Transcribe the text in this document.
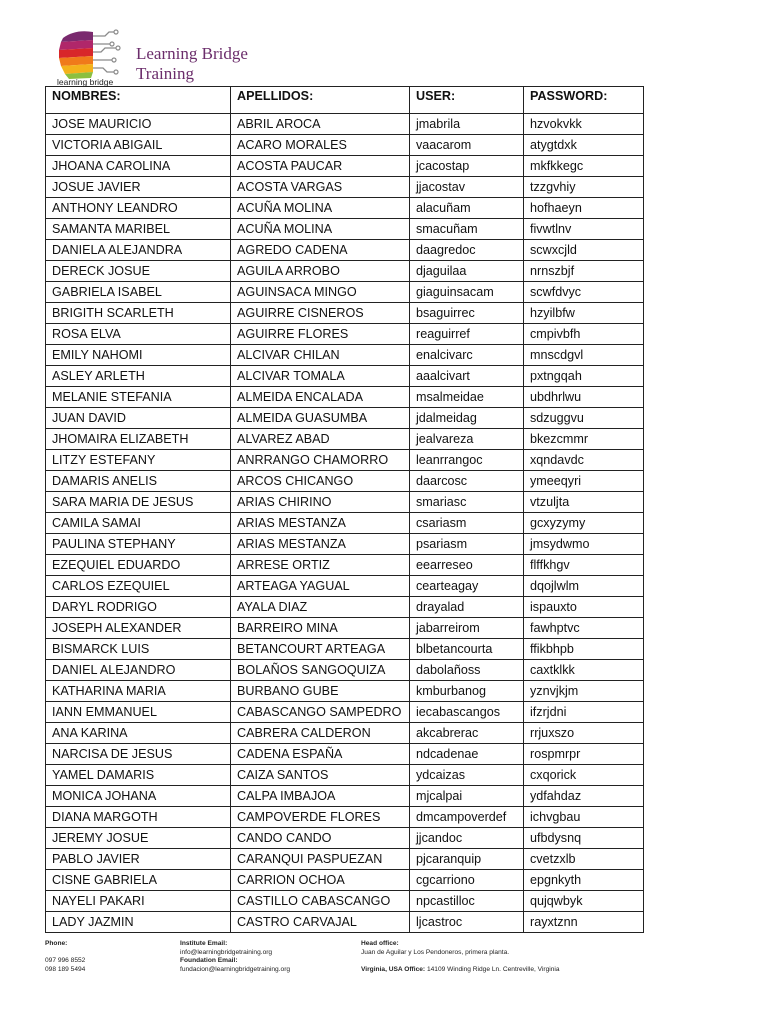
learning bridge
Learning Bridge
Training
NOMBRES:	APELLIDOS:	USER:	PASSWORD:
JOSE MAURICIO	ABRIL AROCA	jmabrila	hzvokvkk
VICTORIA ABIGAIL	ACARO MORALES	vaacarom	atygtdxk
JHOANA CAROLINA	ACOSTA PAUCAR	jcacostap	mkfkkegc
JOSUE JAVIER	ACOSTA VARGAS	jjacostav	tzzgvhiy
ANTHONY LEANDRO	ACUÑA MOLINA	alacuñam	hofhaeyn
SAMANTA MARIBEL	ACUÑA MOLINA	smacuñam	fivwtlnv
DANIELA ALEJANDRA	AGREDO CADENA	daagredoc	scwxcjld
DERECK JOSUE	AGUILA ARROBO	djaguilaa	nrnszbjf
GABRIELA ISABEL	AGUINSACA MINGO	giaguinsacam	scwfdvyc
BRIGITH SCARLETH	AGUIRRE CISNEROS	bsaguirrec	hzyilbfw
ROSA ELVA	AGUIRRE FLORES	reaguirref	cmpivbfh
EMILY NAHOMI	ALCIVAR CHILAN	enalcivarc	mnscdgvl
ASLEY ARLETH	ALCIVAR TOMALA	aaalcivart	pxtngqah
MELANIE STEFANIA	ALMEIDA ENCALADA	msalmeidae	ubdhrlwu
JUAN DAVID	ALMEIDA GUASUMBA	jdalmeidag	sdzuggvu
JHOMAIRA ELIZABETH	ALVAREZ ABAD	jealvareza	bkezcmmr
LITZY ESTEFANY	ANRRANGO CHAMORRO	leanrrangoc	xqndavdc
DAMARIS ANELIS	ARCOS CHICANGO	daarcosc	ymeeqyri
SARA MARIA DE JESUS	ARIAS CHIRINO	smariasc	vtzuljta
CAMILA SAMAI	ARIAS MESTANZA	csariasm	gcxyzymy
PAULINA STEPHANY	ARIAS MESTANZA	psariasm	jmsydwmo
EZEQUIEL EDUARDO	ARRESE ORTIZ	eearreseo	flffkhgv
CARLOS EZEQUIEL	ARTEAGA YAGUAL	cearteagay	dqojlwlm
DARYL RODRIGO	AYALA DIAZ	drayalad	ispauxto
JOSEPH ALEXANDER	BARREIRO MINA	jabarreirom	fawhptvc
BISMARCK LUIS	BETANCOURT ARTEAGA	blbetancourta	ffikbhpb
DANIEL ALEJANDRO	BOLAÑOS SANGOQUIZA	dabolañoss	caxtklkk
KATHARINA MARIA	BURBANO GUBE	kmburbanog	yznvjkjm
IANN EMMANUEL	CABASCANGO SAMPEDRO	iecabascangos	ifzrjdni
ANA KARINA	CABRERA CALDERON	akcabrerac	rrjuxszo
NARCISA DE JESUS	CADENA ESPAÑA	ndcadenae	rospmrpr
YAMEL DAMARIS	CAIZA SANTOS	ydcaizas	cxqorick
MONICA JOHANA	CALPA IMBAJOA	mjcalpai	ydfahdaz
DIANA MARGOTH	CAMPOVERDE FLORES	dmcampoverdef	ichvgbau
JEREMY JOSUE	CANDO CANDO	jjcandoc	ufbdysnq
PABLO JAVIER	CARANQUI PASPUEZAN	pjcaranquip	cvetzxlb
CISNE GABRIELA	CARRION OCHOA	cgcarriono	epgnkyth
NAYELI PAKARI	CASTILLO CABASCANGO	npcastilloc	qujqwbyk
LADY JAZMIN	CASTRO CARVAJAL	ljcastroc	rayxtznn
Phone:
097 996 8552
098 189 5494
Institute Email:
info@learningbridgetraining.org
Foundation Email:
fundacion@learningbridgetraining.org
Head office:
Juan de Aguilar y Los Pendoneros, primera planta.
Virginia, USA Office: 14109 Winding Ridge Ln. Centreville, Virginia
